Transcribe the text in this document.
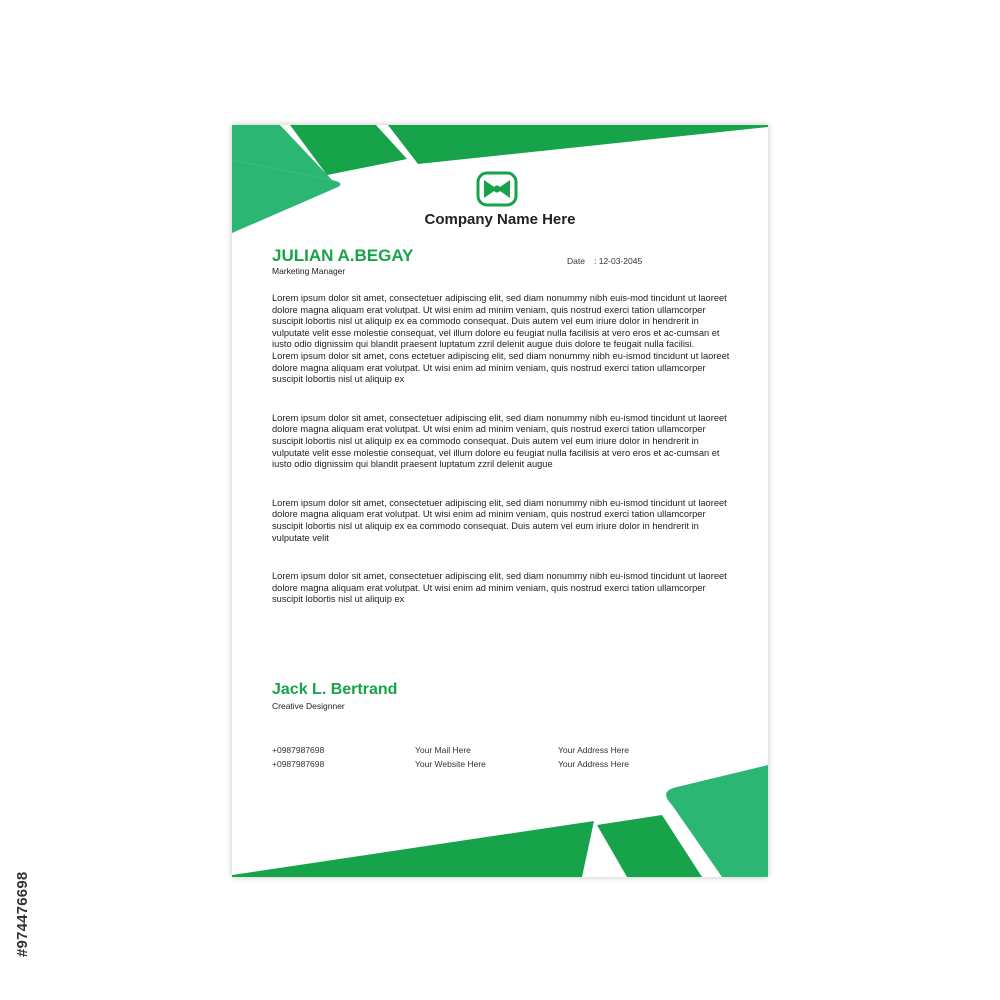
#974476698
Company Name Here
JULIAN A.BEGAY
Marketing Manager
Date : 12-03-2045

Lorem ipsum dolor sit amet, consectetuer adipiscing elit, sed diam nonummy nibh euis-mod tincidunt ut laoreet dolore magna aliquam erat volutpat. Ut wisi enim ad minim veniam, quis nostrud exerci tation ullamcorper suscipit lobortis nisl ut aliquip ex ea commodo consequat. Duis autem vel eum iriure dolor in hendrerit in vulputate velit esse molestie consequat, vel illum dolore eu feugiat nulla facilisis at vero eros et ac-cumsan et iusto odio dignissim qui blandit praesent luptatum zzril delenit augue duis dolore te feugait nulla facilisi.

Lorem ipsum dolor sit amet, cons ectetuer adipiscing elit, sed diam nonummy nibh eu-ismod tincidunt ut laoreet dolore magna aliquam erat volutpat. Ut wisi enim ad minim veniam, quis nostrud exerci tation ullamcorper suscipit lobortis nisl ut aliquip ex

Lorem ipsum dolor sit amet, consectetuer adipiscing elit, sed diam nonummy nibh eu-ismod tincidunt ut laoreet dolore magna aliquam erat volutpat. Ut wisi enim ad minim veniam, quis nostrud exerci tation ullamcorper suscipit lobortis nisl ut aliquip ex ea commodo consequat. Duis autem vel eum iriure dolor in hendrerit in vulputate velit esse molestie consequat, vel illum dolore eu feugiat nulla facilisis at vero eros et ac-cumsan et iusto odio dignissim qui blandit praesent luptatum zzril delenit augue

Lorem ipsum dolor sit amet, consectetuer adipiscing elit, sed diam nonummy nibh eu-ismod tincidunt ut laoreet dolore magna aliquam erat volutpat. Ut wisi enim ad minim veniam, quis nostrud exerci tation ullamcorper suscipit lobortis nisl ut aliquip ex ea commodo consequat. Duis autem vel eum iriure dolor in hendrerit in vulputate velit

Lorem ipsum dolor sit amet, consectetuer adipiscing elit, sed diam nonummy nibh eu-ismod tincidunt ut laoreet dolore magna aliquam erat volutpat. Ut wisi enim ad minim veniam, quis nostrud exerci tation ullamcorper suscipit lobortis nisl ut aliquip ex

Jack L. Bertrand
Creative Designner
+0987987698
+0987987698
Your Mail Here
Your Website Here
Your Address Here
Your Address Here
